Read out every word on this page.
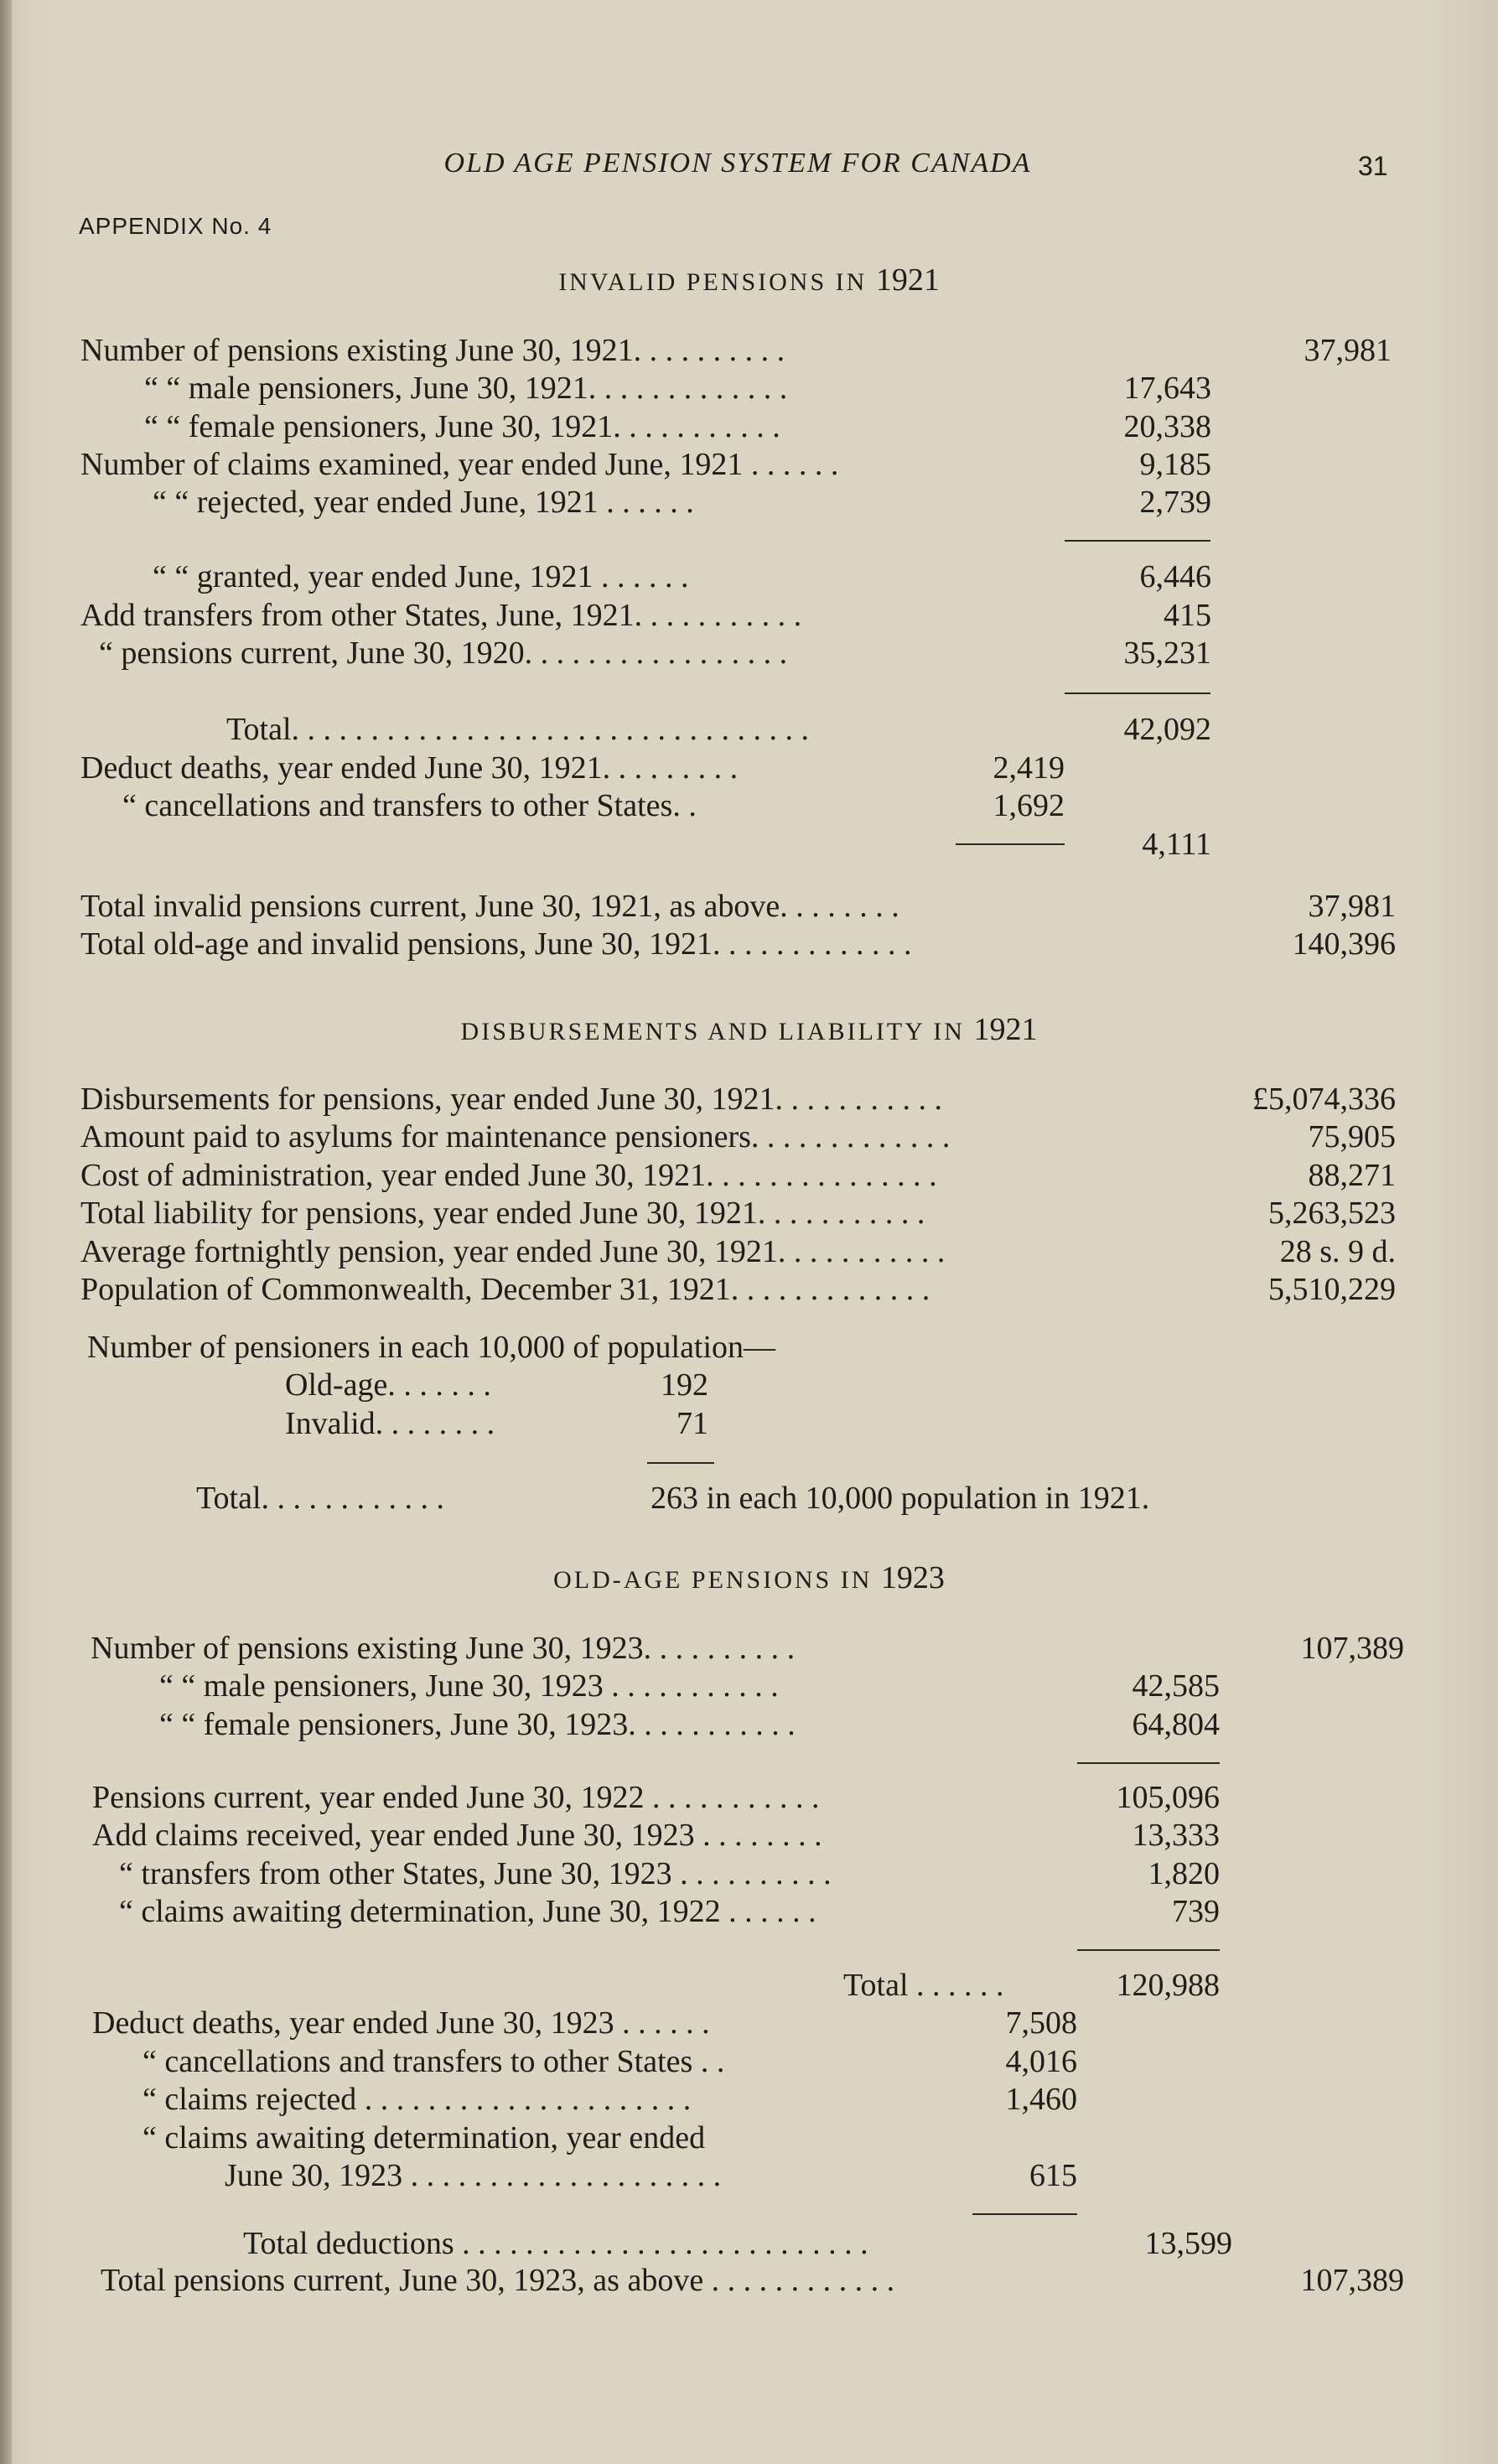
OLD AGE PENSION SYSTEM FOR CANADA	31
APPENDIX No. 4
INVALID PENSIONS IN 1921
Number of pensions existing June 30, 1921. . . . . . . . . .	37,981
“ “ male pensioners, June 30, 1921. . . . . . . . . . . . .	17,643
“ “ female pensioners, June 30, 1921. . . . . . . . . . .	20,338
Number of claims examined, year ended June, 1921 . . . . . .	9,185
“ “ rejected, year ended June, 1921 . . . . . .	2,739
“ “ granted, year ended June, 1921 . . . . . .	6,446
Add transfers from other States, June, 1921. . . . . . . . . . .	415
“ pensions current, June 30, 1920. . . . . . . . . . . . . . . . .	35,231
Total. . . . . . . . . . . . . . . . . . . . . . . . . . . . . . . . .	42,092
Deduct deaths, year ended June 30, 1921. . . . . . . . .	2,419
“ cancellations and transfers to other States. .	1,692
4,111
Total invalid pensions current, June 30, 1921, as above. . . . . . . .	37,981
Total old-age and invalid pensions, June 30, 1921. . . . . . . . . . . . .	140,396
DISBURSEMENTS AND LIABILITY IN 1921
Disbursements for pensions, year ended June 30, 1921. . . . . . . . . . .	£5,074,336
Amount paid to asylums for maintenance pensioners. . . . . . . . . . . . .	75,905
Cost of administration, year ended June 30, 1921. . . . . . . . . . . . . . .	88,271
Total liability for pensions, year ended June 30, 1921. . . . . . . . . . .	5,263,523
Average fortnightly pension, year ended June 30, 1921. . . . . . . . . . .	28 s. 9 d.
Population of Commonwealth, December 31, 1921. . . . . . . . . . . . .	5,510,229
Number of pensioners in each 10,000 of population—
Old-age. . . . . . .	192
Invalid. . . . . . . .	71
Total. . . . . . . . . . . .	263 in each 10,000 population in 1921.
OLD-AGE PENSIONS IN 1923
Number of pensions existing June 30, 1923. . . . . . . . . .	107,389
“ “ male pensioners, June 30, 1923 . . . . . . . . . . .	42,585
“ “ female pensioners, June 30, 1923. . . . . . . . . . .	64,804
Pensions current, year ended June 30, 1922 . . . . . . . . . . .	105,096
Add claims received, year ended June 30, 1923 . . . . . . . .	13,333
“ transfers from other States, June 30, 1923 . . . . . . . . . .	1,820
“ claims awaiting determination, June 30, 1922 . . . . . .	739
Total . . . . . .	120,988
Deduct deaths, year ended June 30, 1923 . . . . . .	7,508
“ cancellations and transfers to other States . .	4,016
“ claims rejected . . . . . . . . . . . . . . . . . . . . .	1,460
“ claims awaiting determination, year ended
June 30, 1923 . . . . . . . . . . . . . . . . . . . .	615
Total deductions . . . . . . . . . . . . . . . . . . . . . . . . . .	13,599
Total pensions current, June 30, 1923, as above . . . . . . . . . . . .	107,389
